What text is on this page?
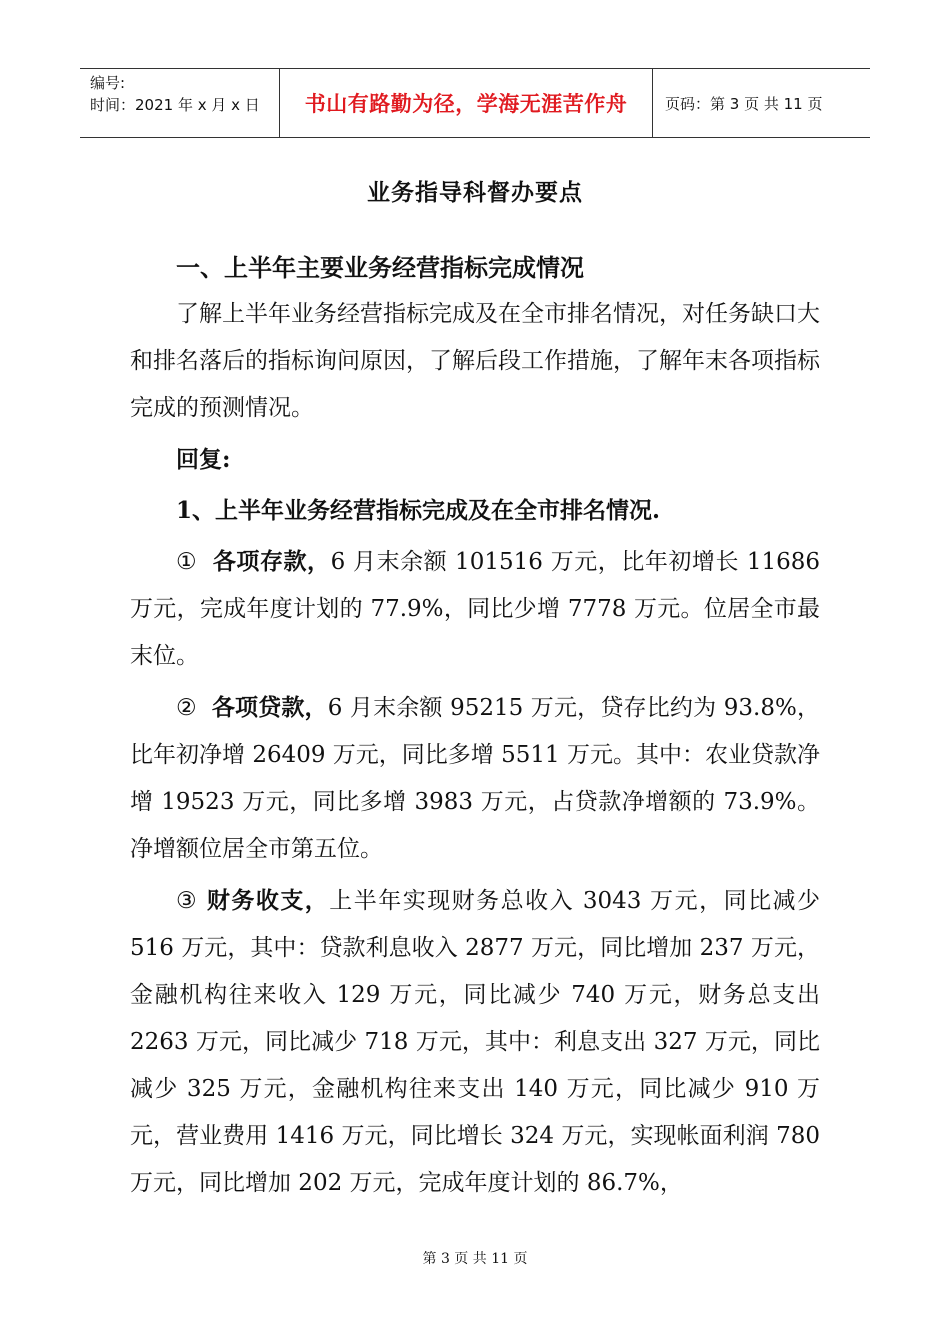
编号:
时间：2021 年 x 月 x 日	书山有路勤为径，学海无涯苦作舟	页码：第 3 页 共 11 页
业务指导科督办要点

一、上半年主要业务经营指标完成情况

了解上半年业务经营指标完成及在全市排名情况，对任务缺口大和排名落后的指标询问原因，了解后段工作措施，了解年末各项指标完成的预测情况。

回复:

1、上半年业务经营指标完成及在全市排名情况.

① 各项存款，6 月末余额 101516 万元，比年初增长 11686 万元，完成年度计划的 77.9%，同比少增 7778 万元。位居全市最末位。

② 各项贷款，6 月末余额 95215 万元，贷存比约为 93.8%，比年初净增 26409 万元，同比多增 5511 万元。其中：农业贷款净增 19523 万元，同比多增 3983 万元，占贷款净增额的 73.9%。净增额位居全市第五位。

③ 财务收支，上半年实现财务总收入 3043 万元，同比减少 516 万元，其中：贷款利息收入 2877 万元，同比增加 237 万元，金融机构往来收入 129 万元，同比减少 740 万元，财务总支出 2263 万元，同比减少 718 万元，其中：利息支出 327 万元，同比减少 325 万元，金融机构往来支出 140 万元，同比减少 910 万元，营业费用 1416 万元，同比增长 324 万元，实现帐面利润 780 万元，同比增加 202 万元，完成年度计划的 86.7%，

第 3 页 共 11 页
